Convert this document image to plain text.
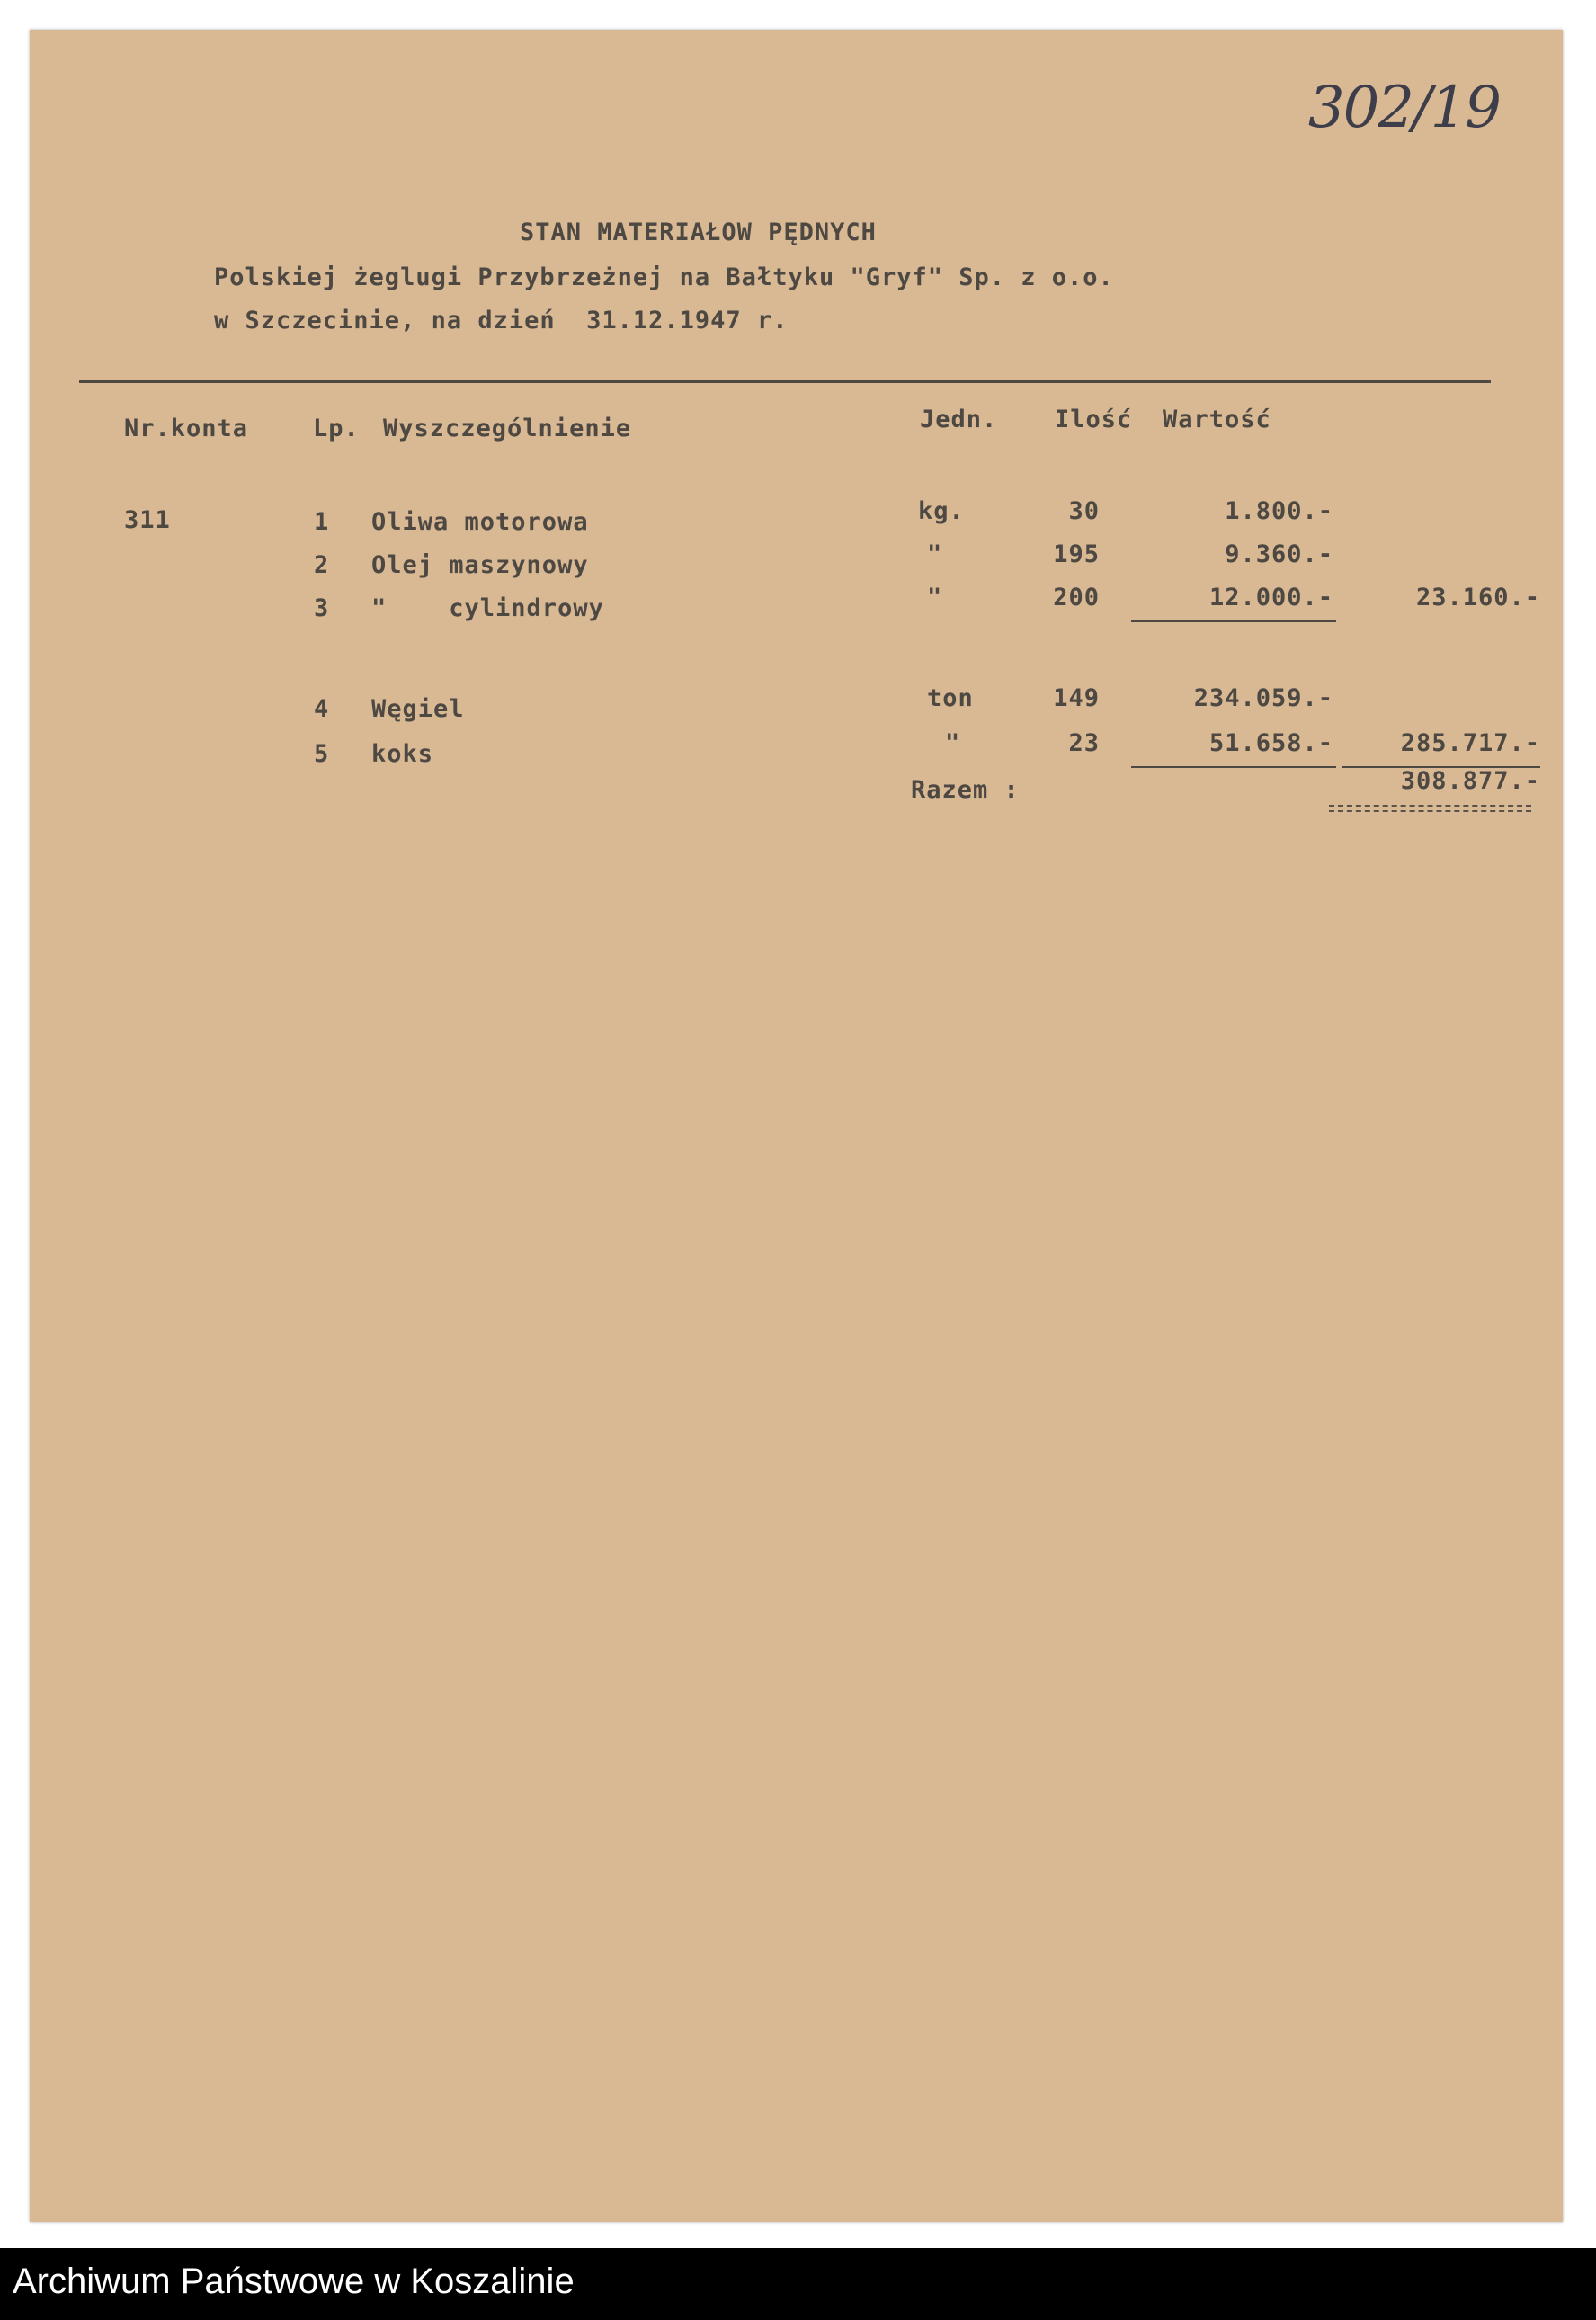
302/19
STAN MATERIAŁOW PĘDNYCH
Polskiej żeglugi Przybrzeżnej na Bałtyku "Gryf" Sp. z o.o.
w Szczecinie, na dzień  31.12.1947 r.
Nr.konta	Lp. Wyszczególnienie	Jedn. Ilość Wartość
311	1 Oliwa motorowa	kg.	30	1.800.-
2 Olej maszynowy	"	195	9.360.-
3 "    cylindrowy	"	200	12.000.-	23.160.-
4 Węgiel	ton	149	234.059.-
5 koks	"	23	51.658.-	285.717.-
Razem :	308.877.-
Archiwum Państwowe w Koszalinie
